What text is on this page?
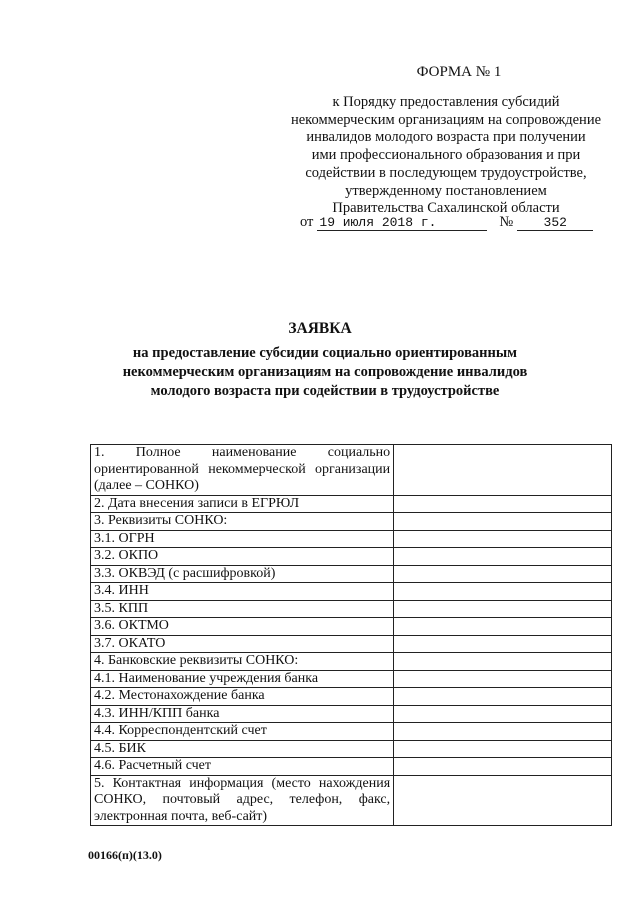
ФОРМА № 1
к Порядку предоставления субсидий
некоммерческим организациям на сопровождение
инвалидов молодого возраста при получении
ими профессионального образования и при
содействии в последующем трудоустройстве,
утвержденному постановлением
Правительства Сахалинской области
от 19 июля 2018 г.	№ 352
ЗАЯВКА
на предоставление субсидии социально ориентированным
некоммерческим организациям на сопровождение инвалидов
молодого возраста при содействии в трудоустройстве
1. Полное наименование социально ориентированной некоммерческой организации (далее – СОНКО)	
2. Дата внесения записи в ЕГРЮЛ	
3. Реквизиты СОНКО:	
3.1. ОГРН	
3.2. ОКПО	
3.3. ОКВЭД (с расшифровкой)	
3.4. ИНН	
3.5. КПП	
3.6. ОКТМО	
3.7. ОКАТО	
4. Банковские реквизиты СОНКО:	
4.1. Наименование учреждения банка	
4.2. Местонахождение банка	
4.3. ИНН/КПП банка	
4.4. Корреспондентский счет	
4.5. БИК	
4.6. Расчетный счет	
5. Контактная информация (место нахождения СОНКО, почтовый адрес, телефон, факс, электронная почта, веб-сайт)	
00166(п)(13.0)
